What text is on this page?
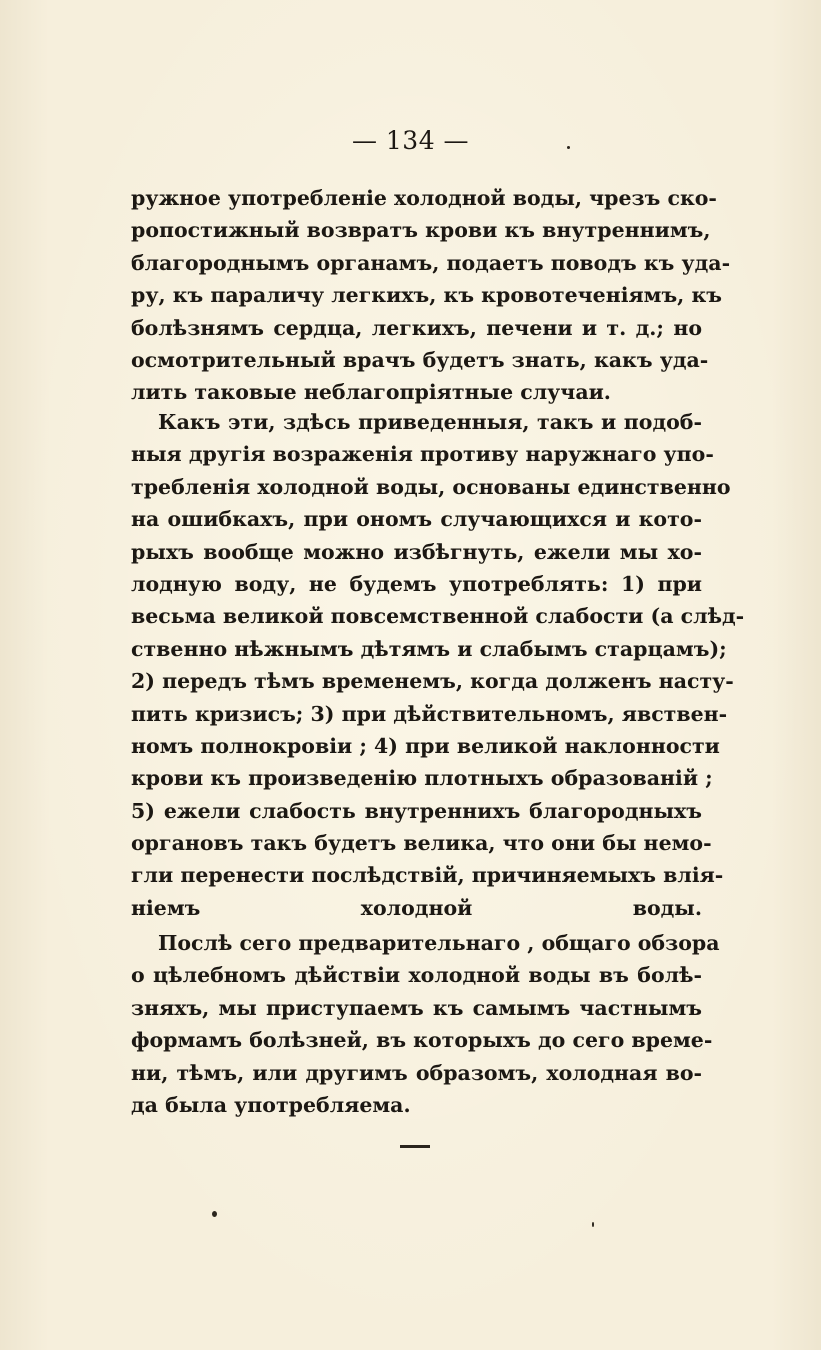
— 134 —
ружное употребленіе холодной воды, чрезъ ско-
ропостижный возвратъ крови къ внутреннимъ,
благороднымъ органамъ, подаетъ поводъ къ уда-
ру, къ параличу легкихъ, къ кровотеченіямъ, къ
болѣзнямъ сердца, легкихъ, печени и т. д.; но
осмотрительный врачъ будетъ знать, какъ уда-
лить таковые неблагопріятные случаи.
Какъ эти, здѣсь приведенныя, такъ и подоб-
ныя другія возраженія противу наружнаго упо-
требленія холодной воды, основаны единственно
на ошибкахъ, при ономъ случающихся и кото-
рыхъ вообще можно избѣгнуть, ежели мы хо-
лодную воду, не будемъ употреблять: 1) при
весьма великой повсемственной слабости (а слѣд-
ственно нѣжнымъ дѣтямъ и слабымъ старцамъ);
2) передъ тѣмъ временемъ, когда долженъ насту-
пить кризисъ; 3) при дѣйствительномъ, явствен-
номъ полнокровіи ; 4) при великой наклонности
крови къ произведенію плотныхъ образованій ;
5) ежели слабость внутреннихъ благородныхъ
органовъ такъ будетъ велика, что они бы немо-
гли перенести послѣдствій, причиняемыхъ влія-
ніемъ холодной воды.
Послѣ сего предварительнаго , общаго обзора
о цѣлебномъ дѣйствіи холодной воды въ болѣ-
зняхъ, мы приступаемъ къ самымъ частнымъ
формамъ болѣзней, въ которыхъ до сего време-
ни, тѣмъ, или другимъ образомъ, холодная во-
да была употребляема.
